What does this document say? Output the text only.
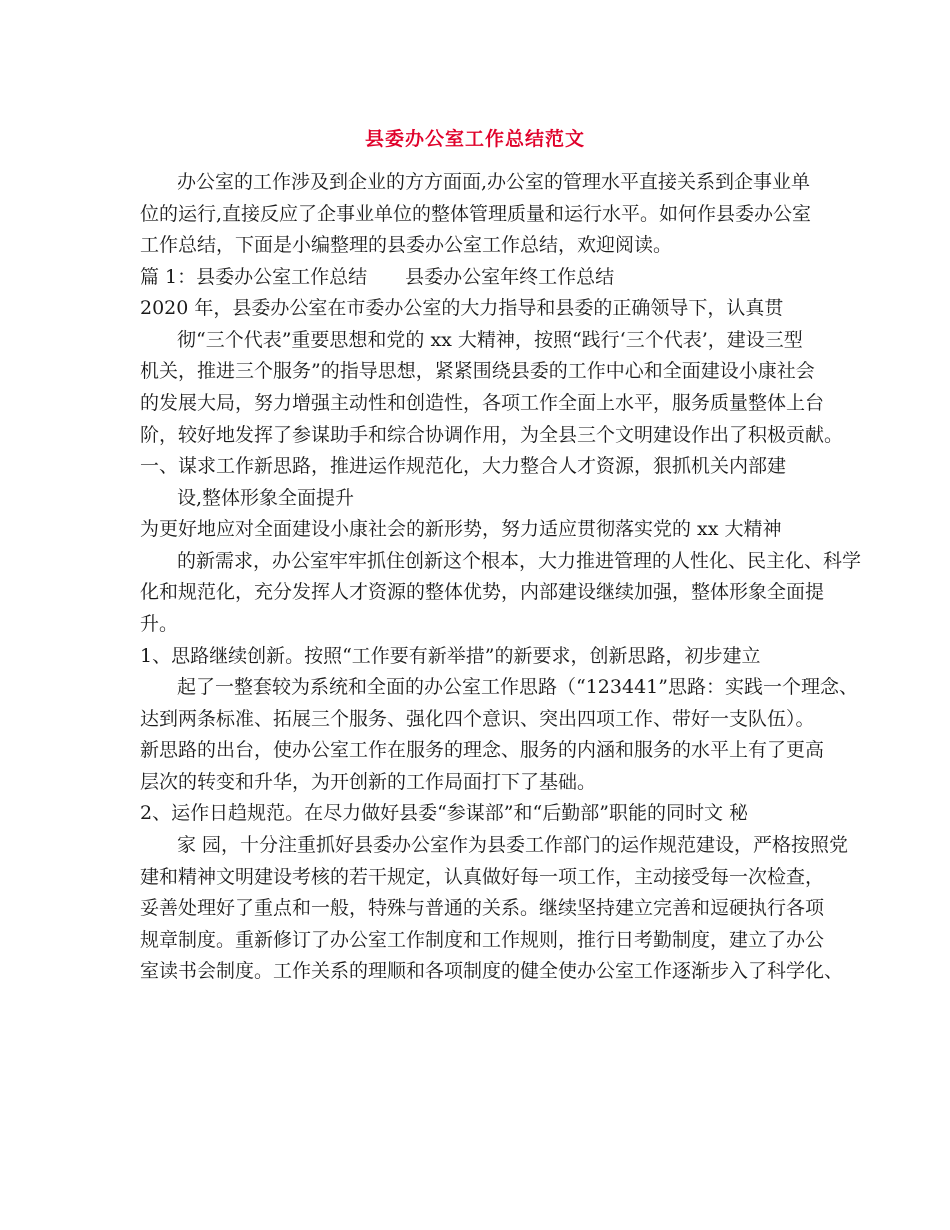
县委办公室工作总结范文
办公室的工作涉及到企业的方方面面,办公室的管理水平直接关系到企事业单
位的运行,直接反应了企事业单位的整体管理质量和运行水平。如何作县委办公室
工作总结，下面是小编整理的县委办公室工作总结，欢迎阅读。
篇 1：县委办公室工作总结　　县委办公室年终工作总结
2020 年，县委办公室在市委办公室的大力指导和县委的正确领导下，认真贯
彻“三个代表”重要思想和党的 xx 大精神，按照“践行‘三个代表’，建设三型
机关，推进三个服务”的指导思想，紧紧围绕县委的工作中心和全面建设小康社会
的发展大局，努力增强主动性和创造性，各项工作全面上水平，服务质量整体上台
阶，较好地发挥了参谋助手和综合协调作用，为全县三个文明建设作出了积极贡献。
一、谋求工作新思路，推进运作规范化，大力整合人才资源，狠抓机关内部建
设,整体形象全面提升
为更好地应对全面建设小康社会的新形势，努力适应贯彻落实党的 xx 大精神
的新需求，办公室牢牢抓住创新这个根本，大力推进管理的人性化、民主化、科学
化和规范化，充分发挥人才资源的整体优势，内部建设继续加强，整体形象全面提
升。
1、思路继续创新。按照“工作要有新举措”的新要求，创新思路，初步建立
起了一整套较为系统和全面的办公室工作思路（“123441”思路：实践一个理念、
达到两条标准、拓展三个服务、强化四个意识、突出四项工作、带好一支队伍）。
新思路的出台，使办公室工作在服务的理念、服务的内涵和服务的水平上有了更高
层次的转变和升华，为开创新的工作局面打下了基础。
2、运作日趋规范。在尽力做好县委“参谋部”和“后勤部”职能的同时文 秘
家 园，十分注重抓好县委办公室作为县委工作部门的运作规范建设，严格按照党
建和精神文明建设考核的若干规定，认真做好每一项工作，主动接受每一次检查，
妥善处理好了重点和一般，特殊与普通的关系。继续坚持建立完善和逗硬执行各项
规章制度。重新修订了办公室工作制度和工作规则，推行日考勤制度，建立了办公
室读书会制度。工作关系的理顺和各项制度的健全使办公室工作逐渐步入了科学化、
